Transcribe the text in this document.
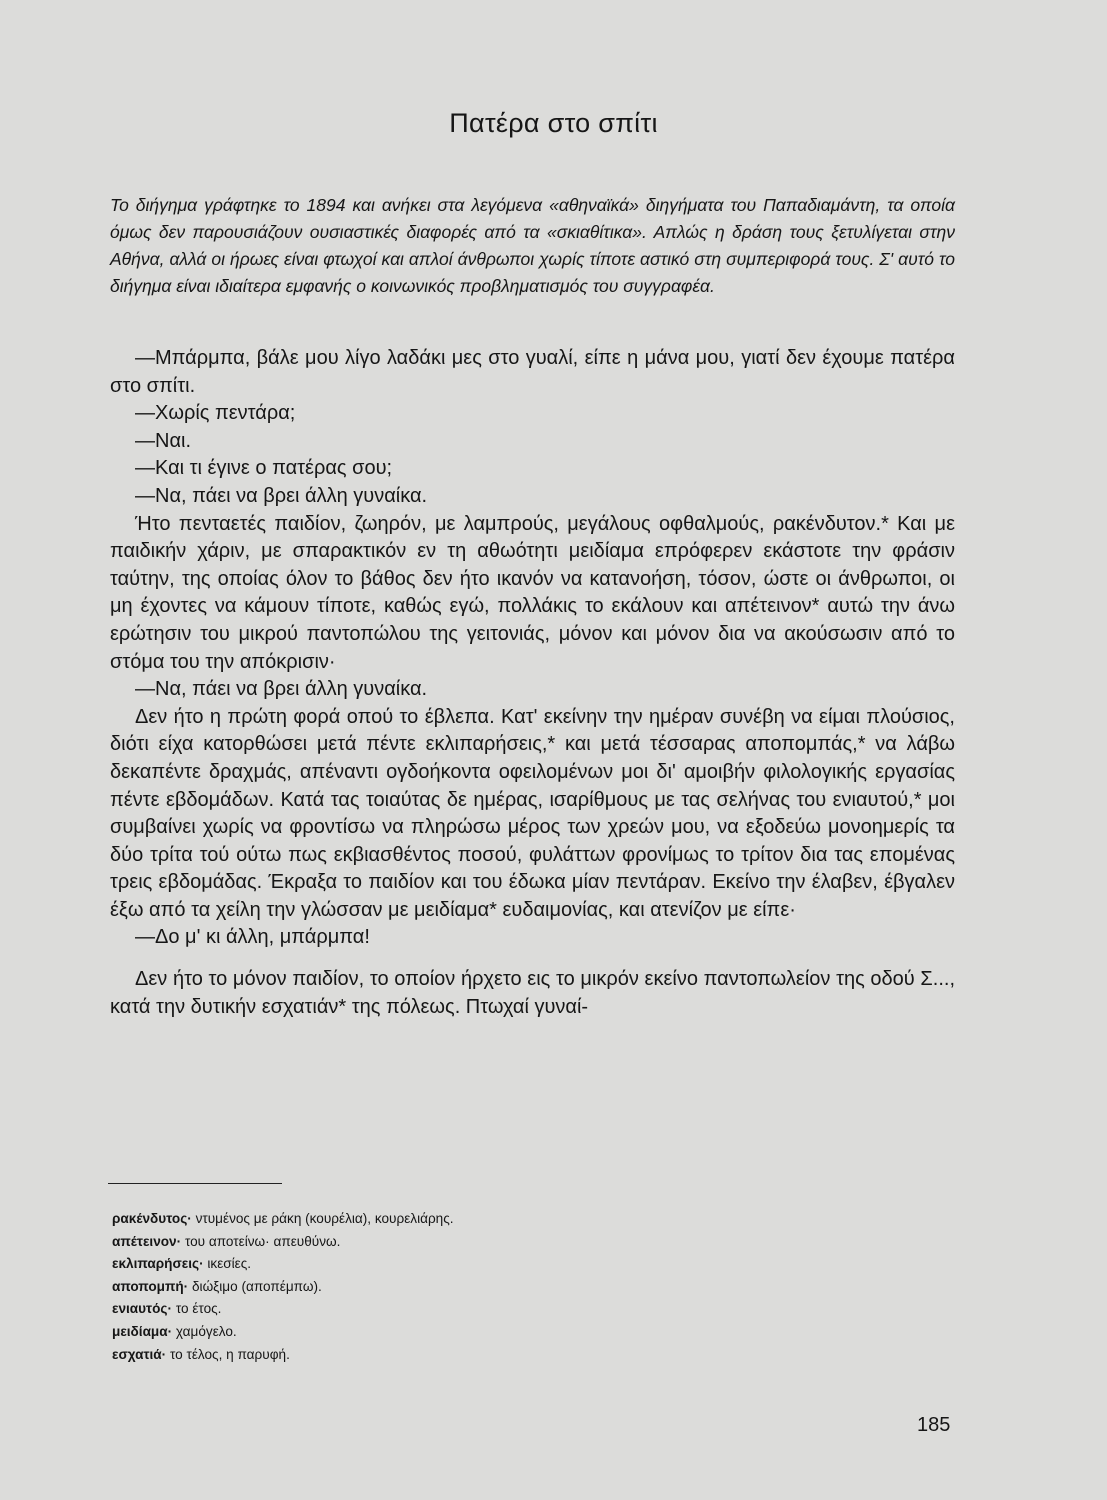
Πατέρα στο σπίτι

Το διήγημα γράφτηκε το 1894 και ανήκει στα λεγόμενα «αθηναϊκά» διηγήματα του Παπαδιαμάντη, τα οποία όμως δεν παρουσιάζουν ουσιαστικές διαφορές από τα «σκιαθίτικα». Απλώς η δράση τους ξετυλίγεται στην Αθήνα, αλλά οι ήρωες είναι φτωχοί και απλοί άνθρωποι χωρίς τίποτε αστικό στη συμπεριφορά τους. Σ' αυτό το διήγημα είναι ιδιαίτερα εμφανής ο κοινωνικός προβληματισμός του συγγραφέα.

—Μπάρμπα, βάλε μου λίγο λαδάκι μες στο γυαλί, είπε η μάνα μου, γιατί δεν έχουμε πατέρα στο σπίτι.

—Χωρίς πεντάρα;

—Ναι.

—Και τι έγινε ο πατέρας σου;

—Να, πάει να βρει άλλη γυναίκα.

Ήτο πενταετές παιδίον, ζωηρόν, με λαμπρούς, μεγάλους οφθαλμούς, ρακένδυτον.* Και με παιδικήν χάριν, με σπαρακτικόν εν τη αθωότητι μειδίαμα επρόφερεν εκάστοτε την φράσιν ταύτην, της οποίας όλον το βάθος δεν ήτο ικανόν να κατανοήση, τόσον, ώστε οι άνθρωποι, οι μη έχοντες να κάμουν τίποτε, καθώς εγώ, πολλάκις το εκάλουν και απέτεινον* αυτώ την άνω ερώτησιν του μικρού παντοπώλου της γειτονιάς, μόνον και μόνον δια να ακούσωσιν από το στόμα του την απόκρισιν·

—Να, πάει να βρει άλλη γυναίκα.

Δεν ήτο η πρώτη φορά οπού το έβλεπα. Κατ' εκείνην την ημέραν συνέβη να είμαι πλούσιος, διότι είχα κατορθώσει μετά πέντε εκλιπαρήσεις,* και μετά τέσσαρας αποπομπάς,* να λάβω δεκαπέντε δραχμάς, απέναντι ογδοήκοντα οφειλομένων μοι δι' αμοιβήν φιλολογικής εργασίας πέντε εβδομάδων. Κατά τας τοιαύτας δε ημέρας, ισαρίθμους με τας σελήνας του ενιαυτού,* μοι συμβαίνει χωρίς να φροντίσω να πληρώσω μέρος των χρεών μου, να εξοδεύω μονοημερίς τα δύο τρίτα τού ούτω πως εκβιασθέντος ποσού, φυλάττων φρονίμως το τρίτον δια τας επομένας τρεις εβδομάδας. Έκραξα το παιδίον και του έδωκα μίαν πεντάραν. Εκείνο την έλαβεν, έβγαλεν έξω από τα χείλη την γλώσσαν με μειδίαμα* ευδαιμονίας, και ατενίζον με είπε·

—Δο μ' κι άλλη, μπάρμπα!

Δεν ήτο το μόνον παιδίον, το οποίον ήρχετο εις το μικρόν εκείνο παντοπωλείον της οδού Σ..., κατά την δυτικήν εσχατιάν* της πόλεως. Πτωχαί γυναί-

ρακένδυτος· ντυμένος με ράκη (κουρέλια), κουρελιάρης.
απέτεινον· του αποτείνω· απευθύνω.
εκλιπαρήσεις· ικεσίες.
αποπομπή· διώξιμο (αποπέμπω).
ενιαυτός· το έτος.
μειδίαμα· χαμόγελο.
εσχατιά· το τέλος, η παρυφή.
185
